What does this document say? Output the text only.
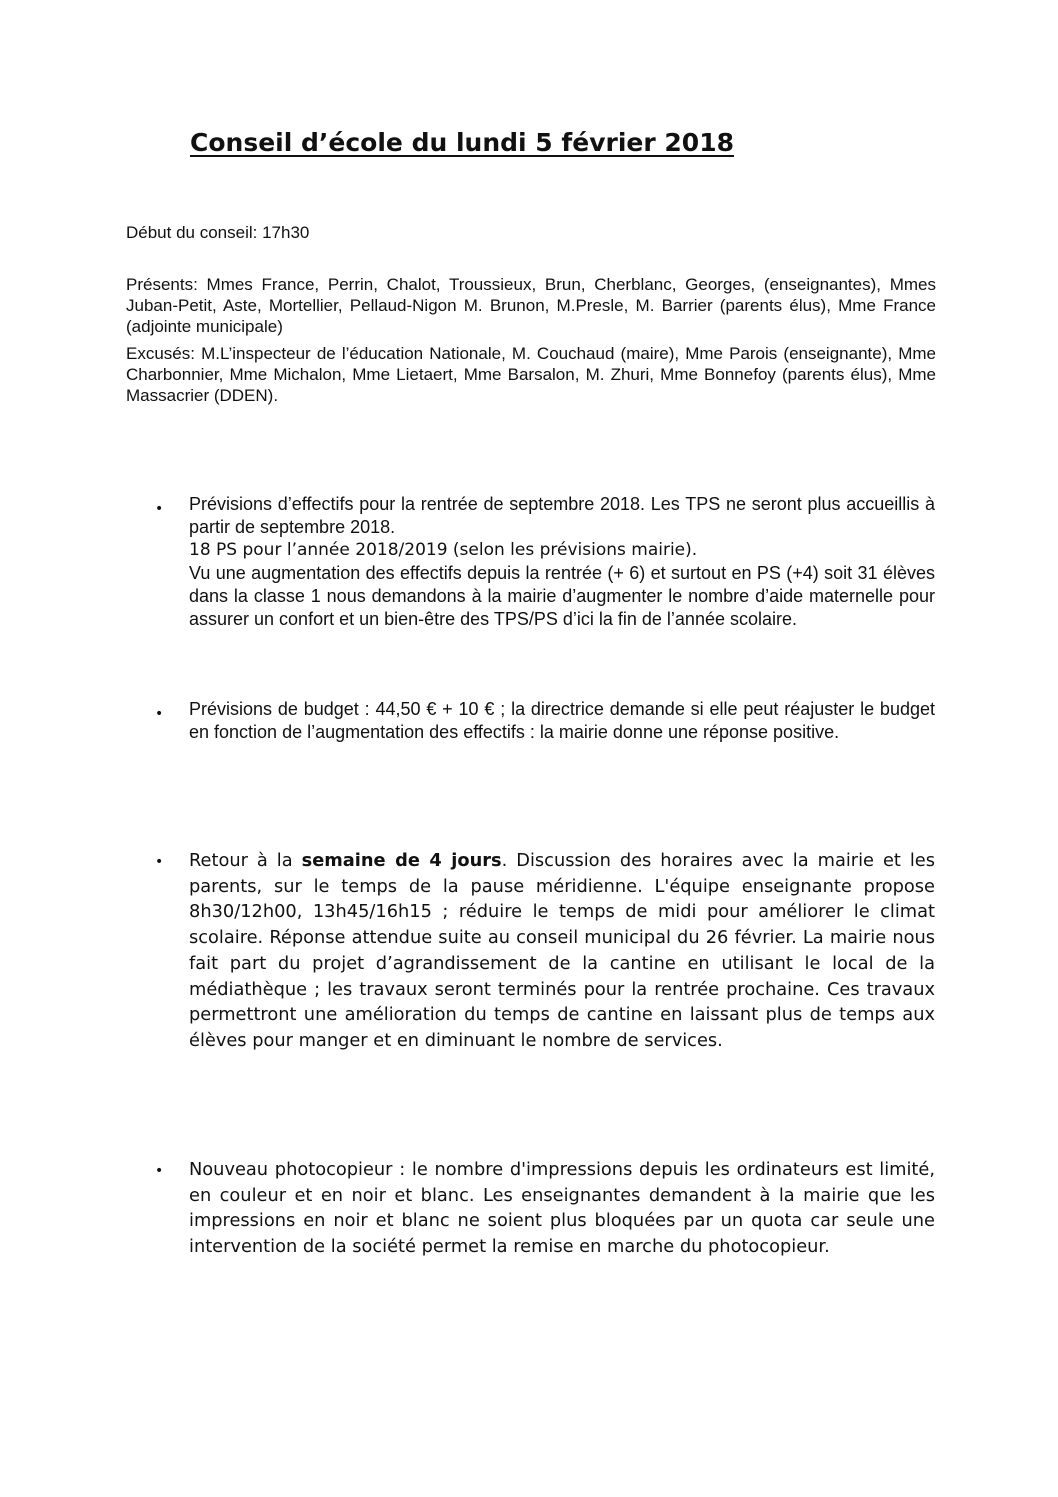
Conseil d’école du lundi 5 février 2018

Début du conseil: 17h30

Présents: Mmes France, Perrin, Chalot, Troussieux, Brun, Cherblanc, Georges, (enseignantes), Mmes Juban-Petit, Aste, Mortellier, Pellaud-Nigon M. Brunon, M.Presle, M. Barrier (parents élus), Mme France (adjointe municipale)

Excusés: M.L’inspecteur de l’éducation Nationale, M. Couchaud (maire), Mme Parois (enseignante), Mme Charbonnier, Mme Michalon, Mme Lietaert, Mme Barsalon, M. Zhuri, Mme Bonnefoy (parents élus), Mme Massacrier (DDEN).

• Prévisions d’effectifs pour la rentrée de septembre 2018. Les TPS ne seront plus accueillis à partir de septembre 2018.

18 PS pour l’année 2018/2019 (selon les prévisions mairie).

Vu une augmentation des effectifs depuis la rentrée (+ 6) et surtout en PS (+4) soit 31 élèves dans la classe 1 nous demandons à la mairie d’augmenter le nombre d’aide maternelle pour assurer un confort et un bien-être des TPS/PS d’ici la fin de l’année scolaire.

• Prévisions de budget : 44,50 € + 10 € ; la directrice demande si elle peut réajuster le budget en fonction de l’augmentation des effectifs : la mairie donne une réponse positive.

• Retour à la semaine de 4 jours. Discussion des horaires avec la mairie et les parents, sur le temps de la pause méridienne. L'équipe enseignante propose 8h30/12h00, 13h45/16h15 ; réduire le temps de midi pour améliorer le climat scolaire. Réponse attendue suite au conseil municipal du 26 février. La mairie nous fait part du projet d’agrandissement de la cantine en utilisant le local de la médiathèque ; les travaux seront terminés pour la rentrée prochaine. Ces travaux permettront une amélioration du temps de cantine en laissant plus de temps aux élèves pour manger et en diminuant le nombre de services.

• Nouveau photocopieur : le nombre d'impressions depuis les ordinateurs est limité, en couleur et en noir et blanc. Les enseignantes demandent à la mairie que les impressions en noir et blanc ne soient plus bloquées par un quota car seule une intervention de la société permet la remise en marche du photocopieur.
